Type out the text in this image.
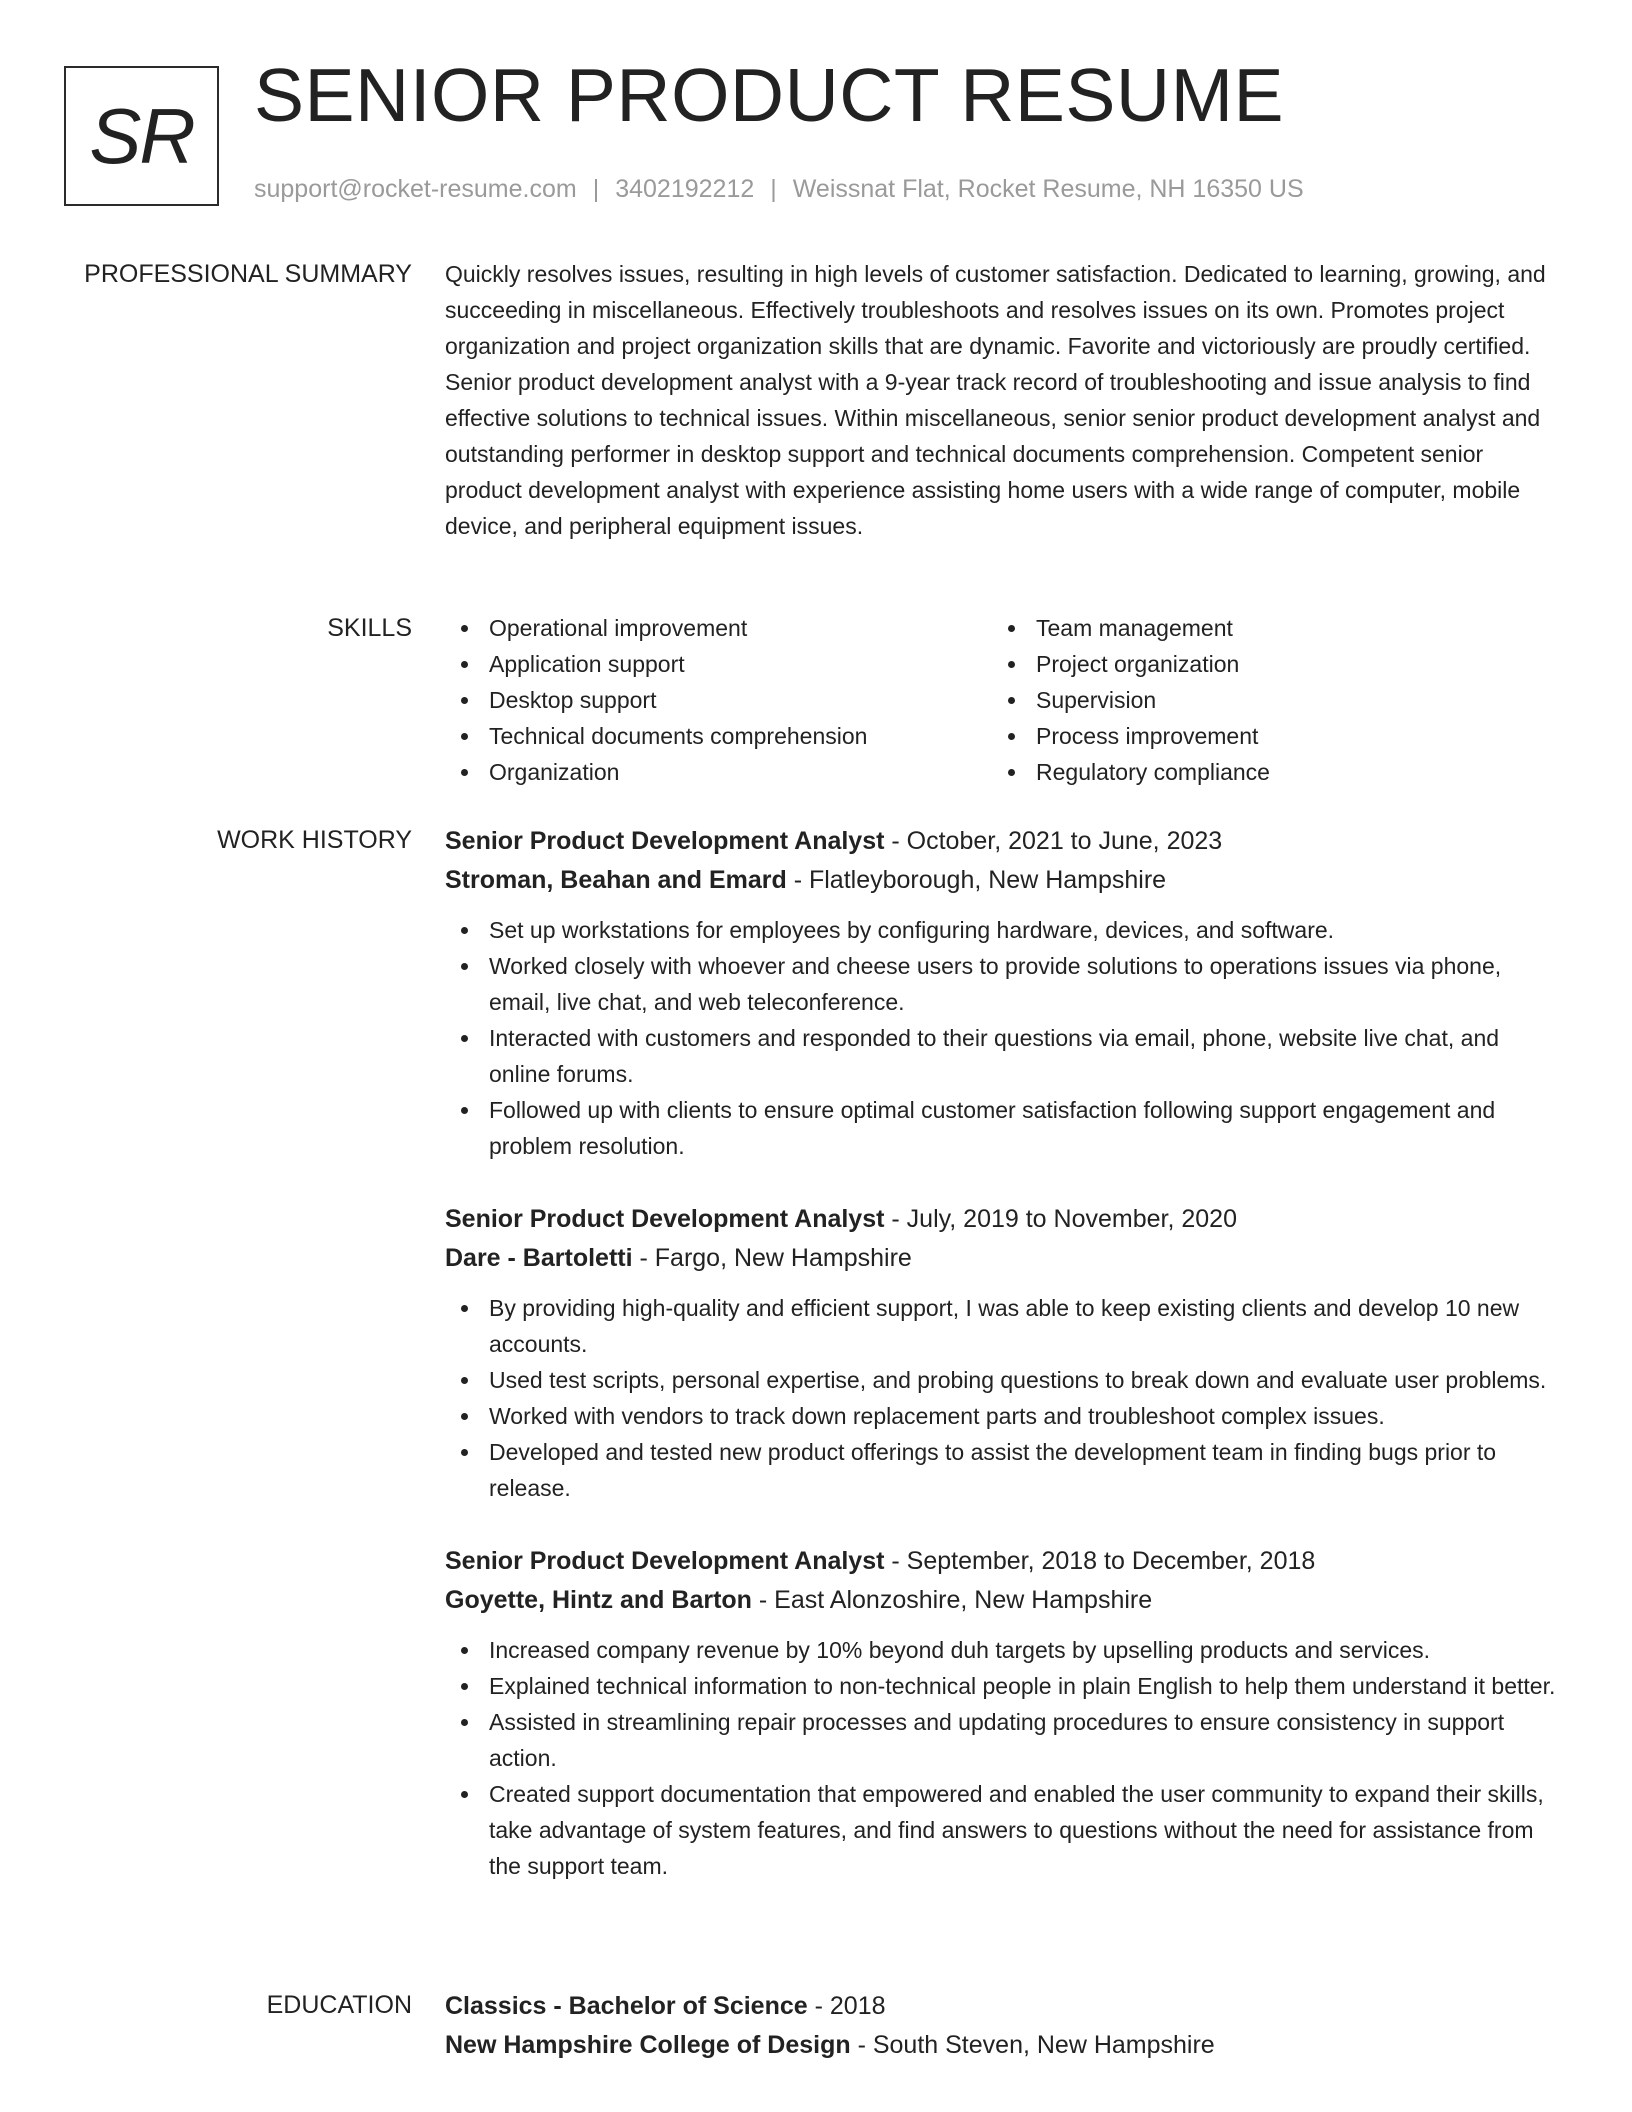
SR SENIOR PRODUCT RESUME
support@rocket-resume.com | 3402192212 | Weissnat Flat, Rocket Resume, NH 16350 US
PROFESSIONAL SUMMARY Quickly resolves issues, resulting in high levels of customer satisfaction. Dedicated to learning, growing, and succeeding in miscellaneous. Effectively troubleshoots and resolves issues on its own. Promotes project organization and project organization skills that are dynamic. Favorite and victoriously are proudly certified. Senior product development analyst with a 9-year track record of troubleshooting and issue analysis to find effective solutions to technical issues. Within miscellaneous, senior senior product development analyst and outstanding performer in desktop support and technical documents comprehension. Competent senior product development analyst with experience assisting home users with a wide range of computer, mobile device, and peripheral equipment issues.

SKILLS	Operational improvement
Application support
Desktop support
Technical documents comprehension
Organization
Team management
Project organization
Supervision
Process improvement
Regulatory compliance
WORK HISTORY Senior Product Development Analyst - October, 2021 to June, 2023

Stroman, Beahan and Emard - Flatleyborough, New Hampshire

Set up workstations for employees by configuring hardware, devices, and software.
Worked closely with whoever and cheese users to provide solutions to operations issues via phone, email, live chat, and web teleconference.
Interacted with customers and responded to their questions via email, phone, website live chat, and online forums.
Followed up with clients to ensure optimal customer satisfaction following support engagement and problem resolution.

Senior Product Development Analyst - July, 2019 to November, 2020

Dare - Bartoletti - Fargo, New Hampshire

By providing high-quality and efficient support, I was able to keep existing clients and develop 10 new accounts.
Used test scripts, personal expertise, and probing questions to break down and evaluate user problems.
Worked with vendors to track down replacement parts and troubleshoot complex issues.
Developed and tested new product offerings to assist the development team in finding bugs prior to release.

Senior Product Development Analyst - September, 2018 to December, 2018

Goyette, Hintz and Barton - East Alonzoshire, New Hampshire

Increased company revenue by 10% beyond duh targets by upselling products and services.
Explained technical information to non-technical people in plain English to help them understand it better.
Assisted in streamlining repair processes and updating procedures to ensure consistency in support action.
Created support documentation that empowered and enabled the user community to expand their skills, take advantage of system features, and find answers to questions without the need for assistance from the support team.
EDUCATION Classics - Bachelor of Science - 2018

New Hampshire College of Design - South Steven, New Hampshire
